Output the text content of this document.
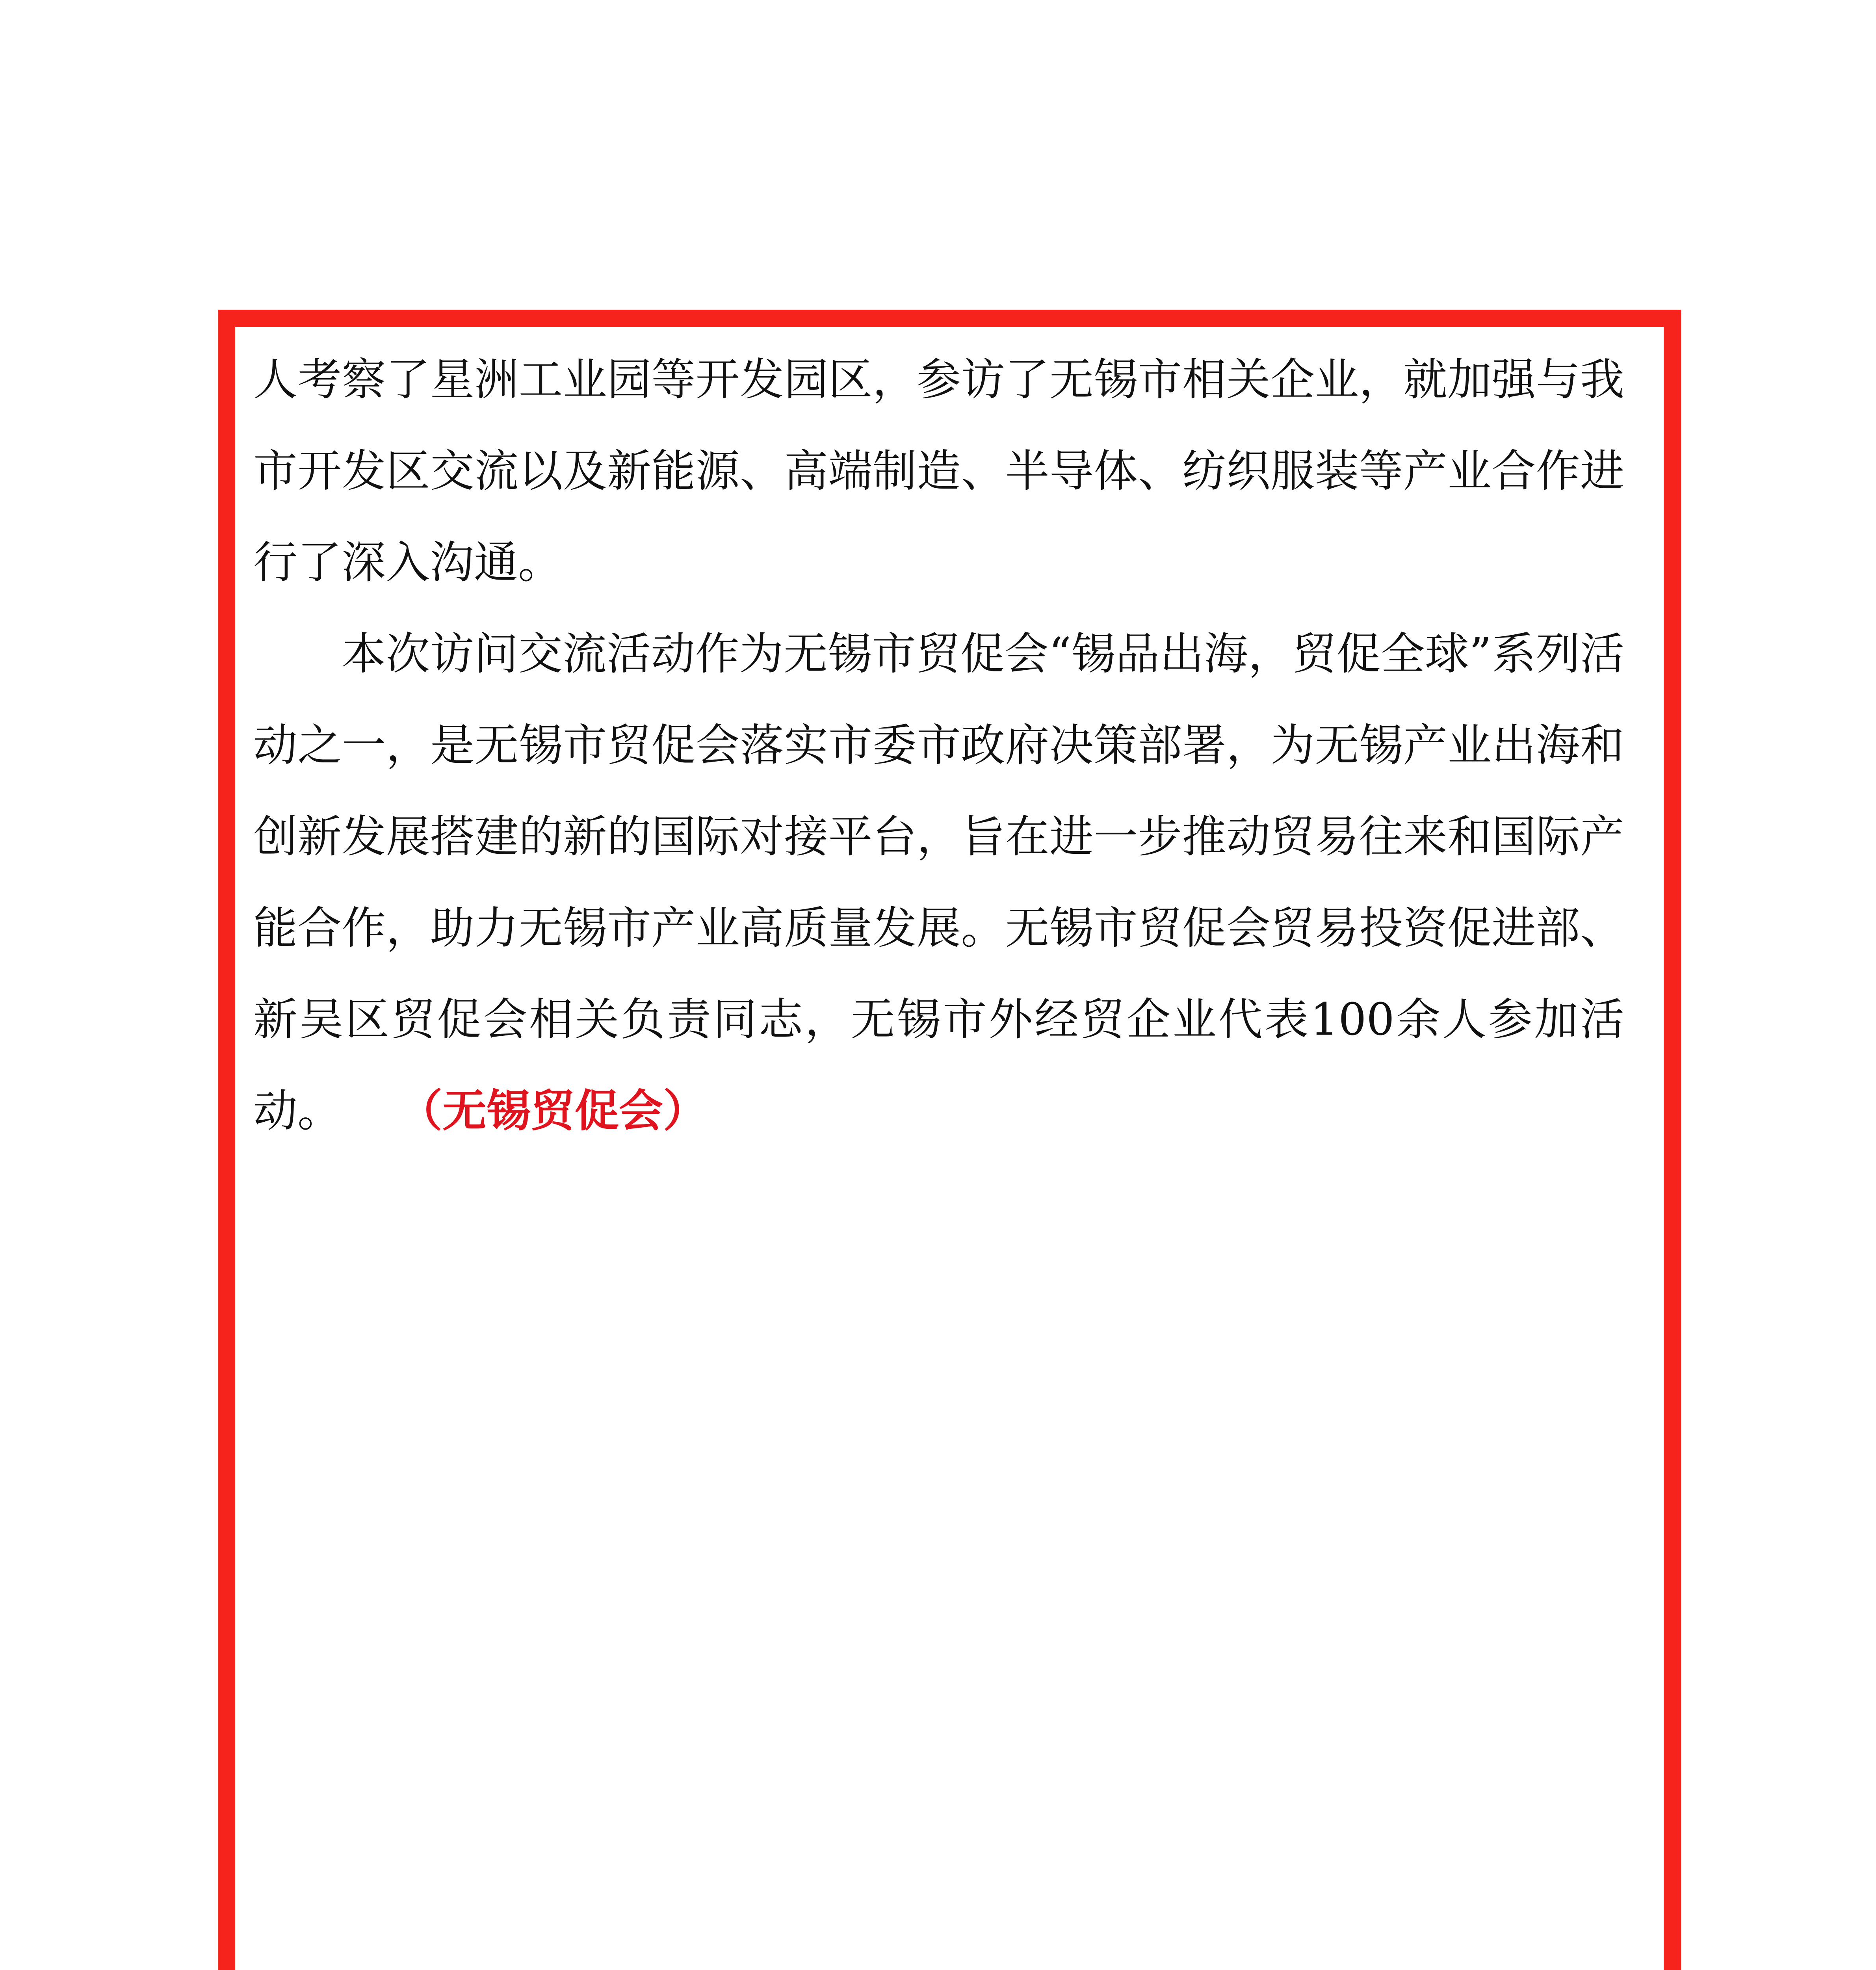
人考察了星洲工业园等开发园区，参访了无锡市相关企业，就加强与我市开发区交流以及新能源、高端制造、半导体、纺织服装等产业合作进行了深入沟通。

本次访问交流活动作为无锡市贸促会“锡品出海，贸促全球”系列活动之一，是无锡市贸促会落实市委市政府决策部署，为无锡产业出海和创新发展搭建的新的国际对接平台，旨在进一步推动贸易往来和国际产能合作，助力无锡市产业高质量发展。无锡市贸促会贸易投资促进部、新吴区贸促会相关负责同志，无锡市外经贸企业代表100余人参加活动。 （无锡贸促会）
